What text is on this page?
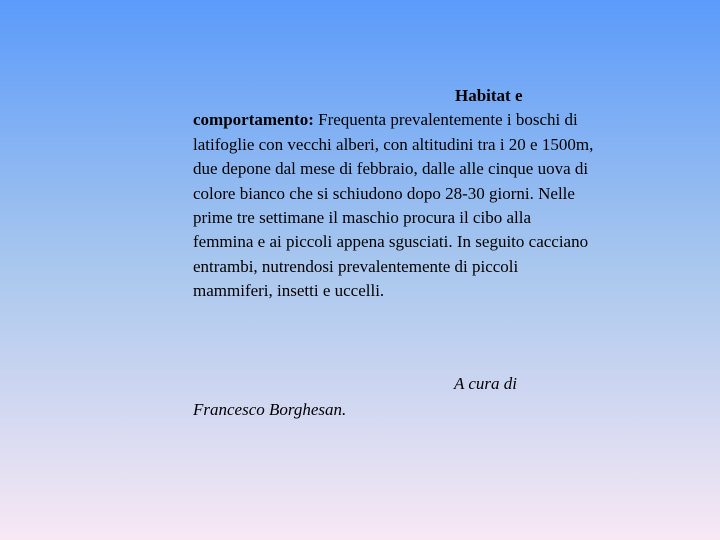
Habitat e comportamento: Frequenta prevalentemente i boschi di latifoglie con vecchi alberi, con altitudini tra i 20 e 1500m, due depone dal mese di febbraio, dalle alle cinque uova di colore bianco che si schiudono dopo 28-30 giorni. Nelle prime tre settimane il maschio procura il cibo alla femmina e ai piccoli appena sgusciati. In seguito cacciano entrambi, nutrendosi prevalentemente di piccoli mammiferi, insetti e uccelli.

A cura di
Francesco Borghesan.
